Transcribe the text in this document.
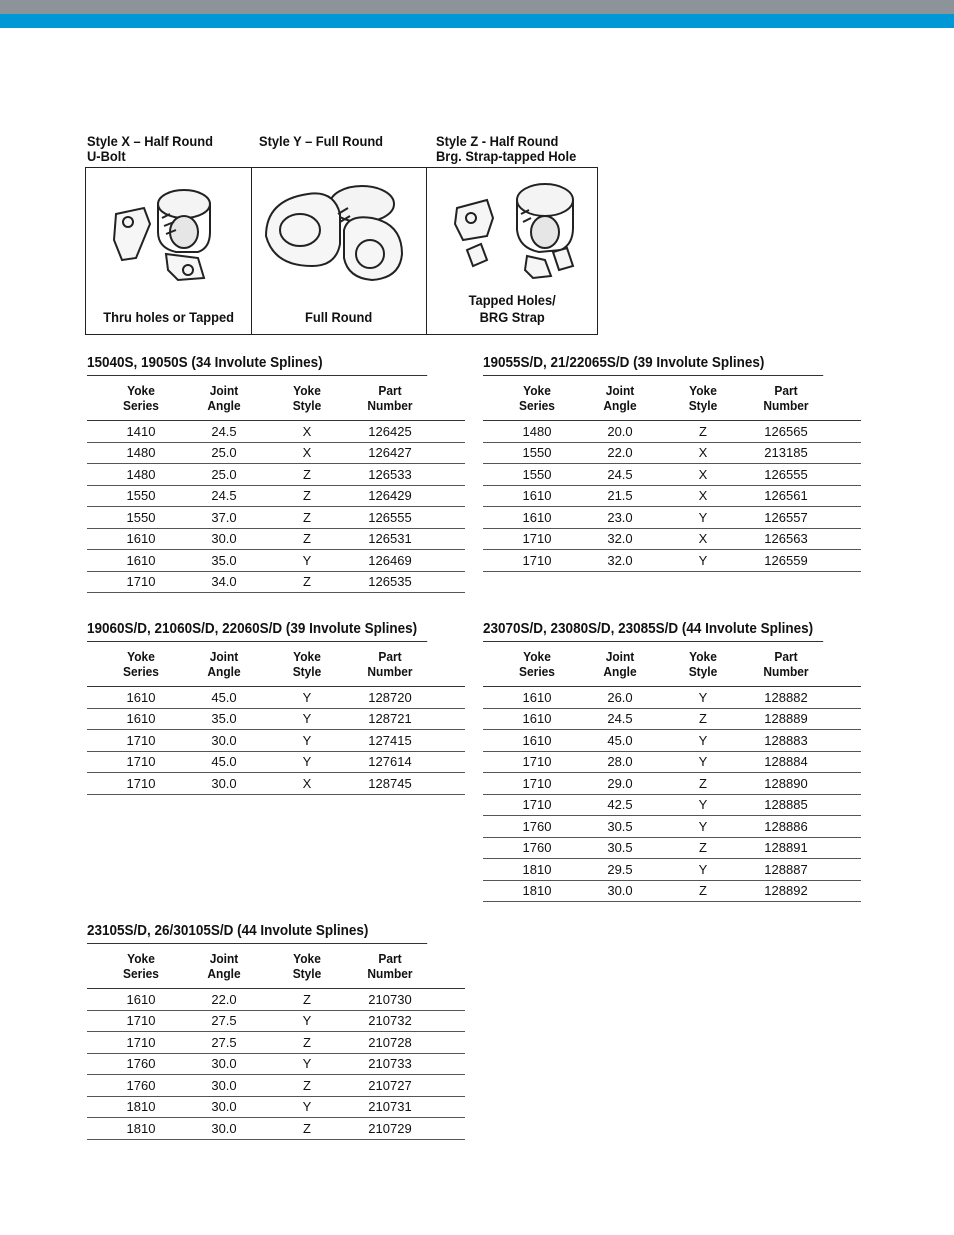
Style X – Half Round
U-Bolt
Style Y – Full Round	Style Z - Half Round
Brg. Strap-tapped Hole
Thru holes or Tapped	Full Round
Tapped Holes/
BRG Strap
15040S, 19050S (34 Involute Splines)
Yoke
Series
Joint
Angle
Yoke
Style
Part
Number
1410	24.5	X	126425
1480	25.0	X	126427
1480	25.0	Z	126533
1550	24.5	Z	126429
1550	37.0	Z	126555
1610	30.0	Z	126531
1610	35.0	Y	126469
1710	34.0	Z	126535
19055S/D, 21/22065S/D (39 Involute Splines)
Yoke
Series
Joint
Angle
Yoke
Style
Part
Number
1480	20.0	Z	126565
1550	22.0	X	213185
1550	24.5	X	126555
1610	21.5	X	126561
1610	23.0	Y	126557
1710	32.0	X	126563
1710	32.0	Y	126559
19060S/D, 21060S/D, 22060S/D (39 Involute Splines)
Yoke
Series
Joint
Angle
Yoke
Style
Part
Number
1610	45.0	Y	128720
1610	35.0	Y	128721
1710	30.0	Y	127415
1710	45.0	Y	127614
1710	30.0	X	128745
23070S/D, 23080S/D, 23085S/D (44 Involute Splines)
Yoke
Series
Joint
Angle
Yoke
Style
Part
Number
1610	26.0	Y	128882
1610	24.5	Z	128889
1610	45.0	Y	128883
1710	28.0	Y	128884
1710	29.0	Z	128890
1710	42.5	Y	128885
1760	30.5	Y	128886
1760	30.5	Z	128891
1810	29.5	Y	128887
1810	30.0	Z	128892
23105S/D, 26/30105S/D (44 Involute Splines)
Yoke
Series
Joint
Angle
Yoke
Style
Part
Number
1610	22.0	Z	210730
1710	27.5	Y	210732
1710	27.5	Z	210728
1760	30.0	Y	210733
1760	30.0	Z	210727
1810	30.0	Y	210731
1810	30.0	Z	210729
